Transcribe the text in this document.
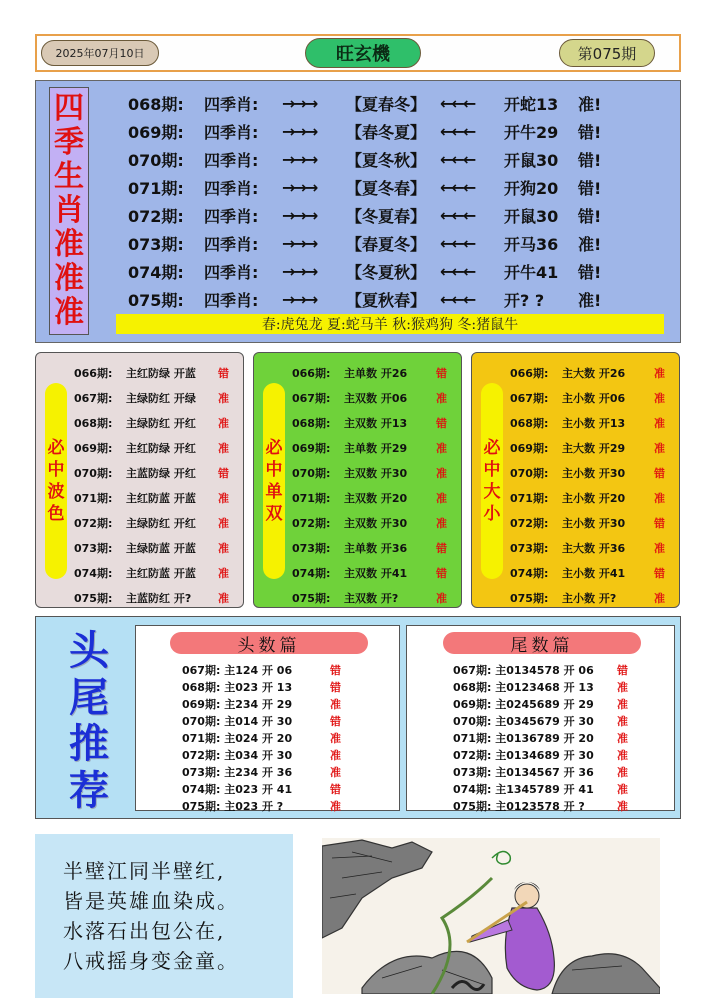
2025年07月10日	旺玄機	第075期
四
季
生
肖
准
准
准
068期:	四季肖:	→→→	【夏春冬】 ←←←	开蛇13	准!
069期:	四季肖:	→→→	【春冬夏】 ←←←	开牛29	错!
070期:	四季肖:	→→→	【夏冬秋】 ←←←	开鼠30	错!
071期:	四季肖:	→→→	【夏冬春】 ←←←	开狗20	错!
072期:	四季肖:	→→→	【冬夏春】 ←←←	开鼠30	错!
073期:	四季肖:	→→→	【春夏冬】 ←←←	开马36	准!
074期:	四季肖:	→→→	【冬夏秋】 ←←←	开牛41	错!
075期:	四季肖:	→→→	【夏秋春】 ←←←	开? ?	准!
春:虎兔龙 夏:蛇马羊 秋:猴鸡狗 冬:猪鼠牛
必
中
波
色
066期:	主红防绿 开蓝	错
067期:	主绿防红 开绿	准
068期:	主绿防红 开红	准
069期:	主红防绿 开红	准
070期:	主蓝防绿 开红	错
071期:	主红防蓝 开蓝	准
072期:	主绿防红 开红	准
073期:	主绿防蓝 开蓝	准
074期:	主红防蓝 开蓝	准
075期:	主蓝防红 开?	准
必
中
单
双
066期:	主单数 开26	错
067期:	主双数 开06	准
068期:	主双数 开13	错
069期:	主单数 开29	准
070期:	主双数 开30	准
071期:	主双数 开20	准
072期:	主双数 开30	准
073期:	主单数 开36	错
074期:	主双数 开41	错
075期:	主双数 开?	准
必
中
大
小
066期:	主大数 开26	准
067期:	主小数 开06	准
068期:	主小数 开13	准
069期:	主大数 开29	准
070期:	主小数 开30	错
071期:	主小数 开20	准
072期:	主小数 开30	错
073期:	主大数 开36	准
074期:	主小数 开41	错
075期:	主小数 开?	准
头
尾
推
荐
头数篇
067期: 主124 开 06	错
068期: 主023 开 13	错
069期: 主234 开 29	准
070期: 主014 开 30	错
071期: 主024 开 20	准
072期: 主034 开 30	准
073期: 主234 开 36	准
074期: 主023 开 41	错
075期: 主023 开 ?	准
尾数篇
067期: 主0134578 开 06	错
068期: 主0123468 开 13	准
069期: 主0245689 开 29	准
070期: 主0345679 开 30	准
071期: 主0136789 开 20	准
072期: 主0134689 开 30	准
073期: 主0134567 开 36	准
074期: 主1345789 开 41	准
075期: 主0123578 开 ?	准
半壁江同半壁红,
皆是英雄血染成。
水落石出包公在,
八戒摇身变金童。
